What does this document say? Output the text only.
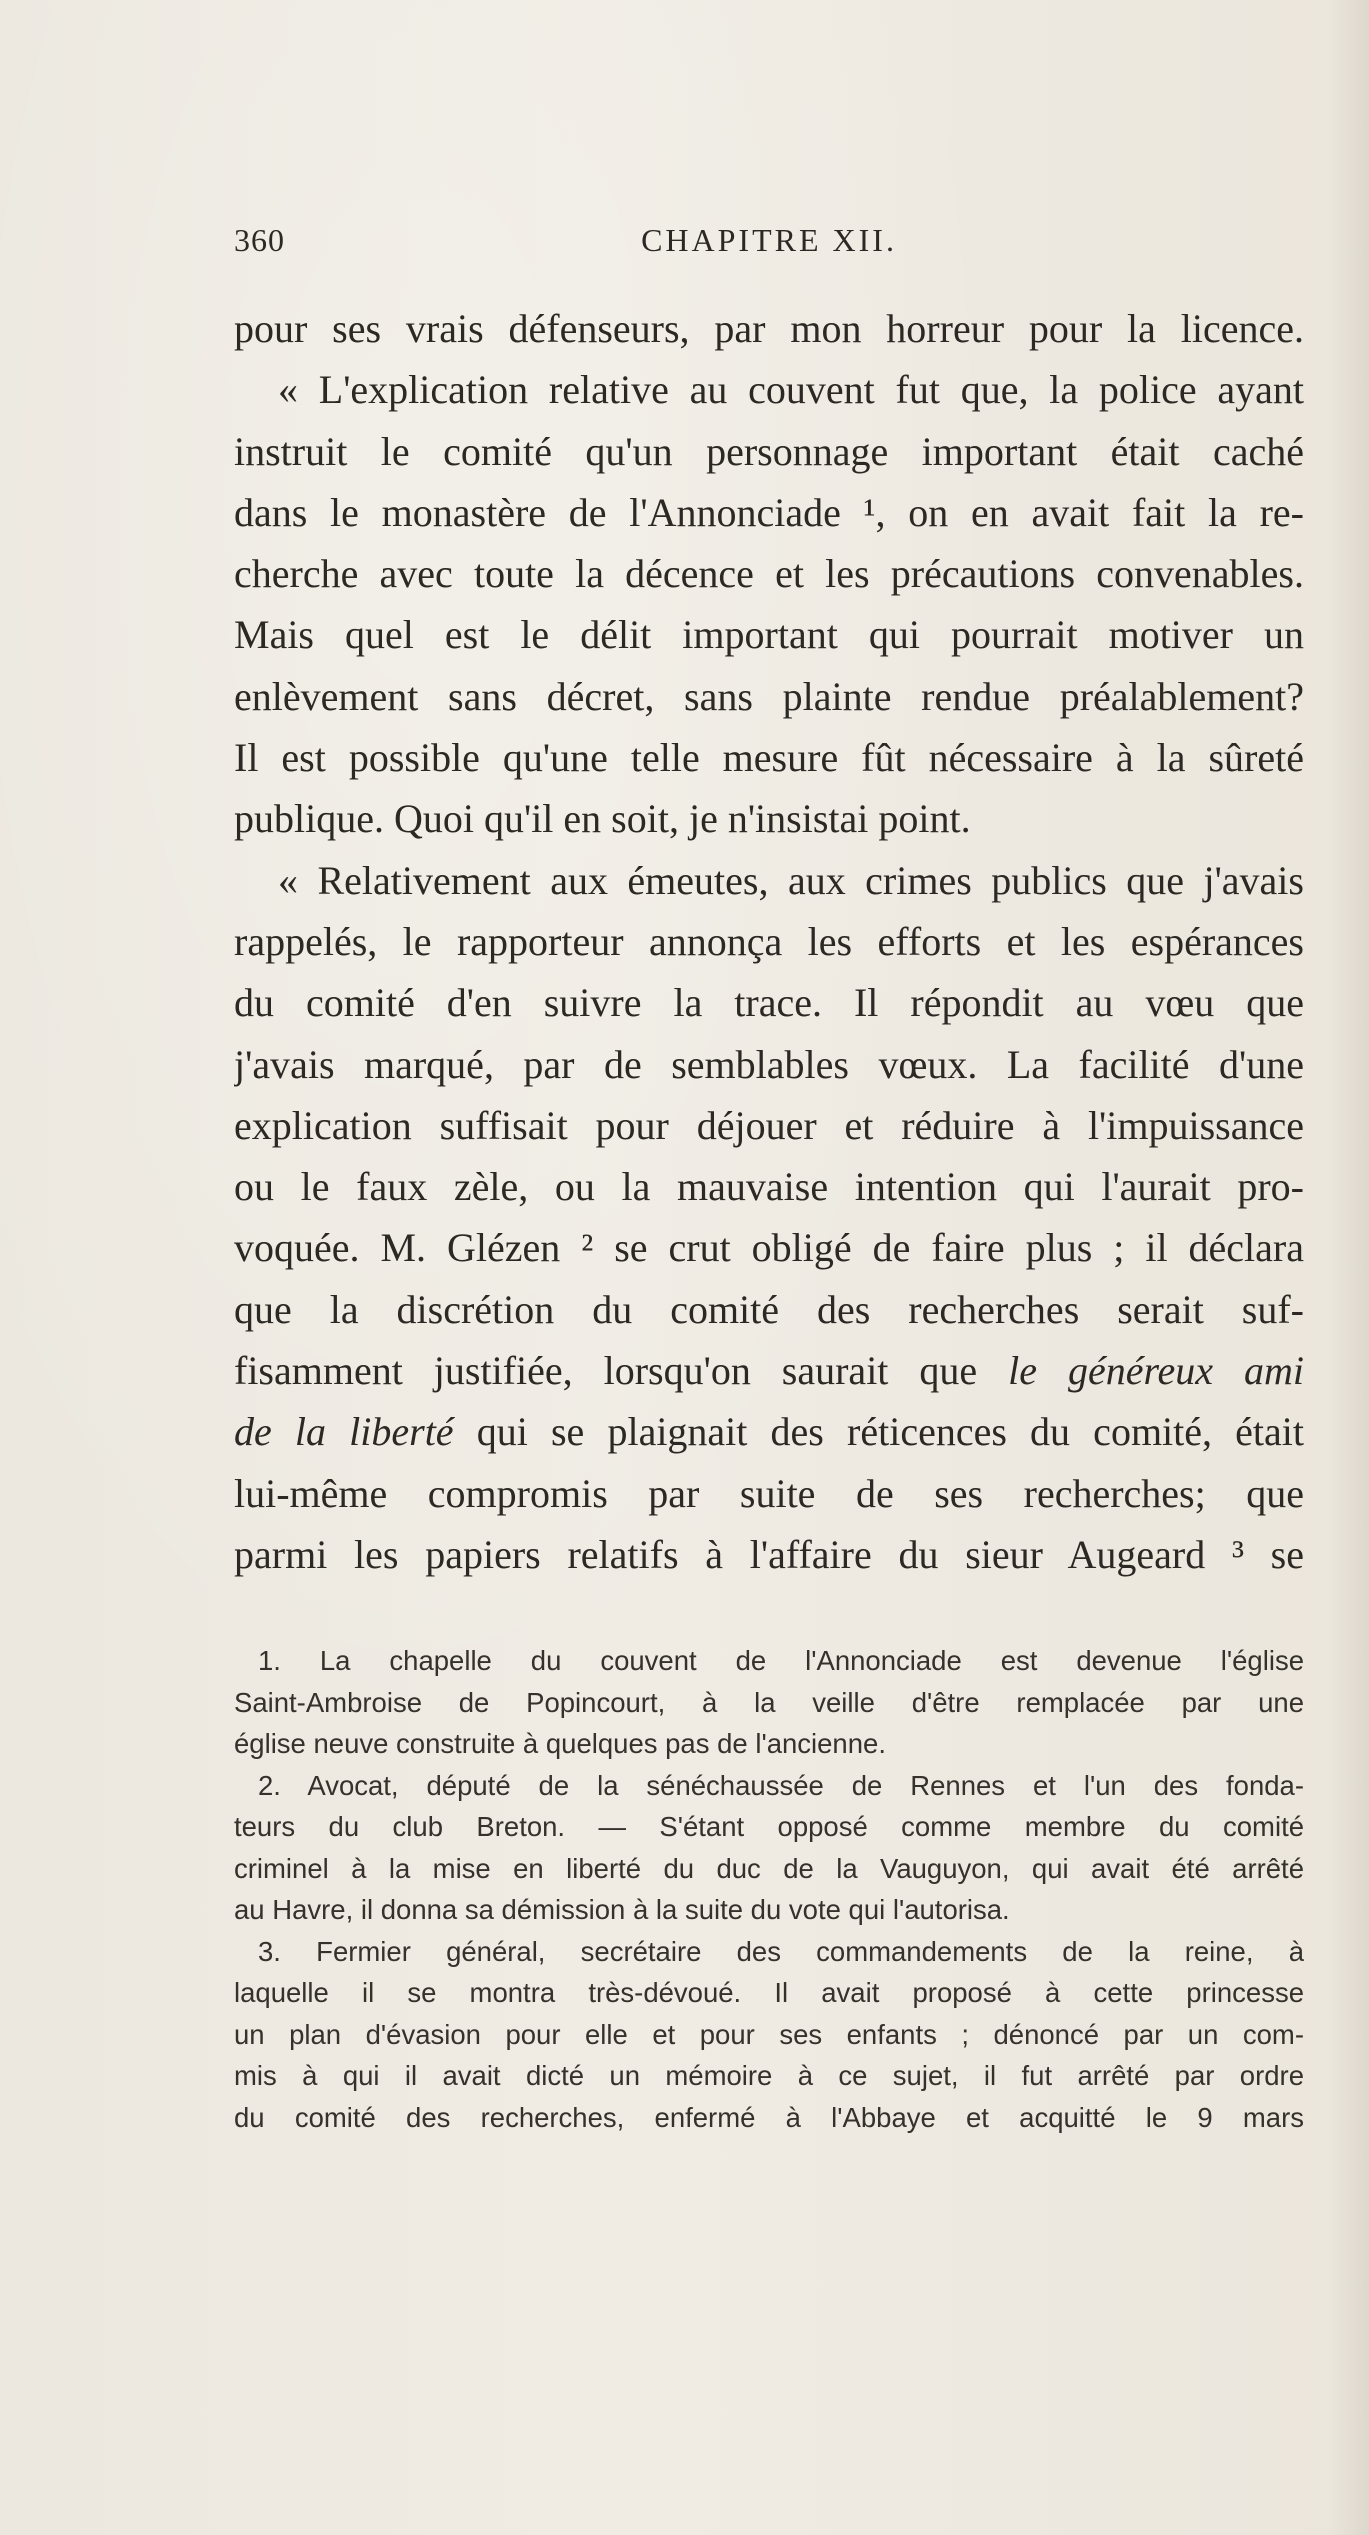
360	CHAPITRE XII.
pour ses vrais défenseurs, par mon horreur pour la licence.
« L'explication relative au couvent fut que, la police ayant
instruit le comité qu'un personnage important était caché
dans le monastère de l'Annonciade ¹, on en avait fait la re-
cherche avec toute la décence et les précautions convenables.
Mais quel est le délit important qui pourrait motiver un
enlèvement sans décret, sans plainte rendue préalablement?
Il est possible qu'une telle mesure fût nécessaire à la sûreté
publique. Quoi qu'il en soit, je n'insistai point.
« Relativement aux émeutes, aux crimes publics que j'avais
rappelés, le rapporteur annonça les efforts et les espérances
du comité d'en suivre la trace. Il répondit au vœu que
j'avais marqué, par de semblables vœux. La facilité d'une
explication suffisait pour déjouer et réduire à l'impuissance
ou le faux zèle, ou la mauvaise intention qui l'aurait pro-
voquée. M. Glézen ² se crut obligé de faire plus ; il déclara
que la discrétion du comité des recherches serait suf-
fisamment justifiée, lorsqu'on saurait que le généreux ami
de la liberté qui se plaignait des réticences du comité, était
lui-même compromis par suite de ses recherches; que
parmi les papiers relatifs à l'affaire du sieur Augeard ³ se
1. La chapelle du couvent de l'Annonciade est devenue l'église
Saint-Ambroise de Popincourt, à la veille d'être remplacée par une
église neuve construite à quelques pas de l'ancienne.
2. Avocat, député de la sénéchaussée de Rennes et l'un des fonda-
teurs du club Breton. — S'étant opposé comme membre du comité
criminel à la mise en liberté du duc de la Vauguyon, qui avait été arrêté
au Havre, il donna sa démission à la suite du vote qui l'autorisa.
3. Fermier général, secrétaire des commandements de la reine, à
laquelle il se montra très-dévoué. Il avait proposé à cette princesse
un plan d'évasion pour elle et pour ses enfants ; dénoncé par un com-
mis à qui il avait dicté un mémoire à ce sujet, il fut arrêté par ordre
du comité des recherches, enfermé à l'Abbaye et acquitté le 9 mars
